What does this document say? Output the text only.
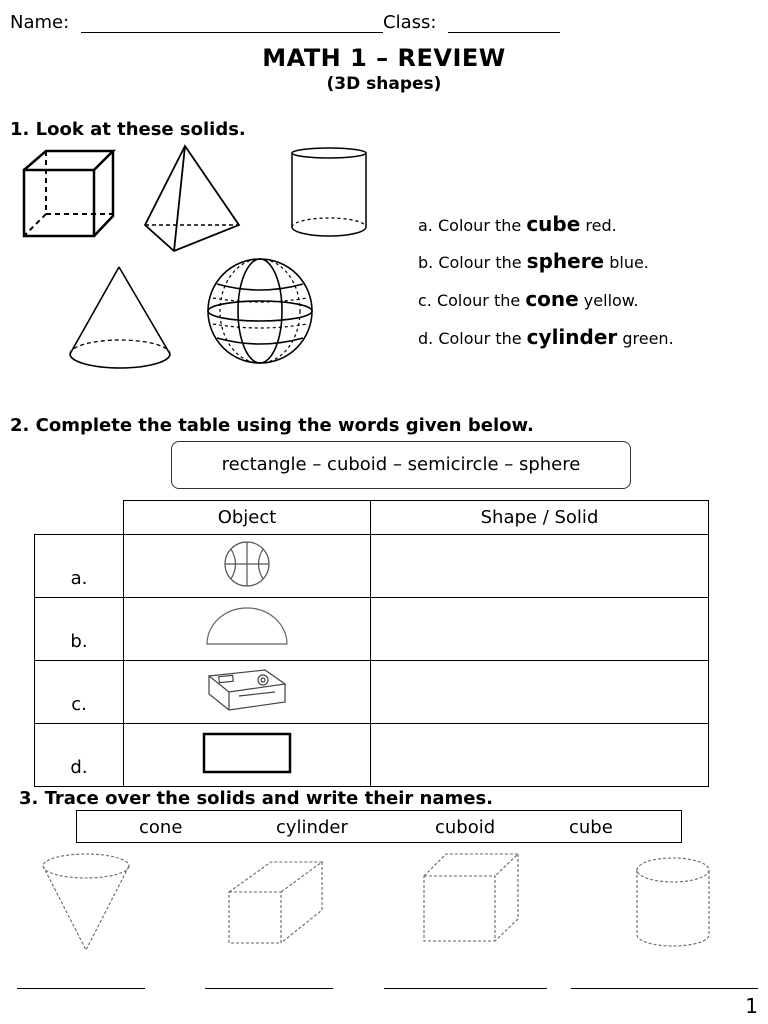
Name:	Class:
MATH 1 – REVIEW
(3D shapes)
1. Look at these solids.
a. Colour the cube red.
b. Colour the sphere blue.
c. Colour the cone yellow.
d. Colour the cylinder green.
2. Complete the table using the words given below.
rectangle – cuboid – semicircle – sphere
	Object	Shape / Solid
a.		
b.		
c.		
d.		
3. Trace over the solids and write their names.
cone	cylinder	cuboid	cube
1
